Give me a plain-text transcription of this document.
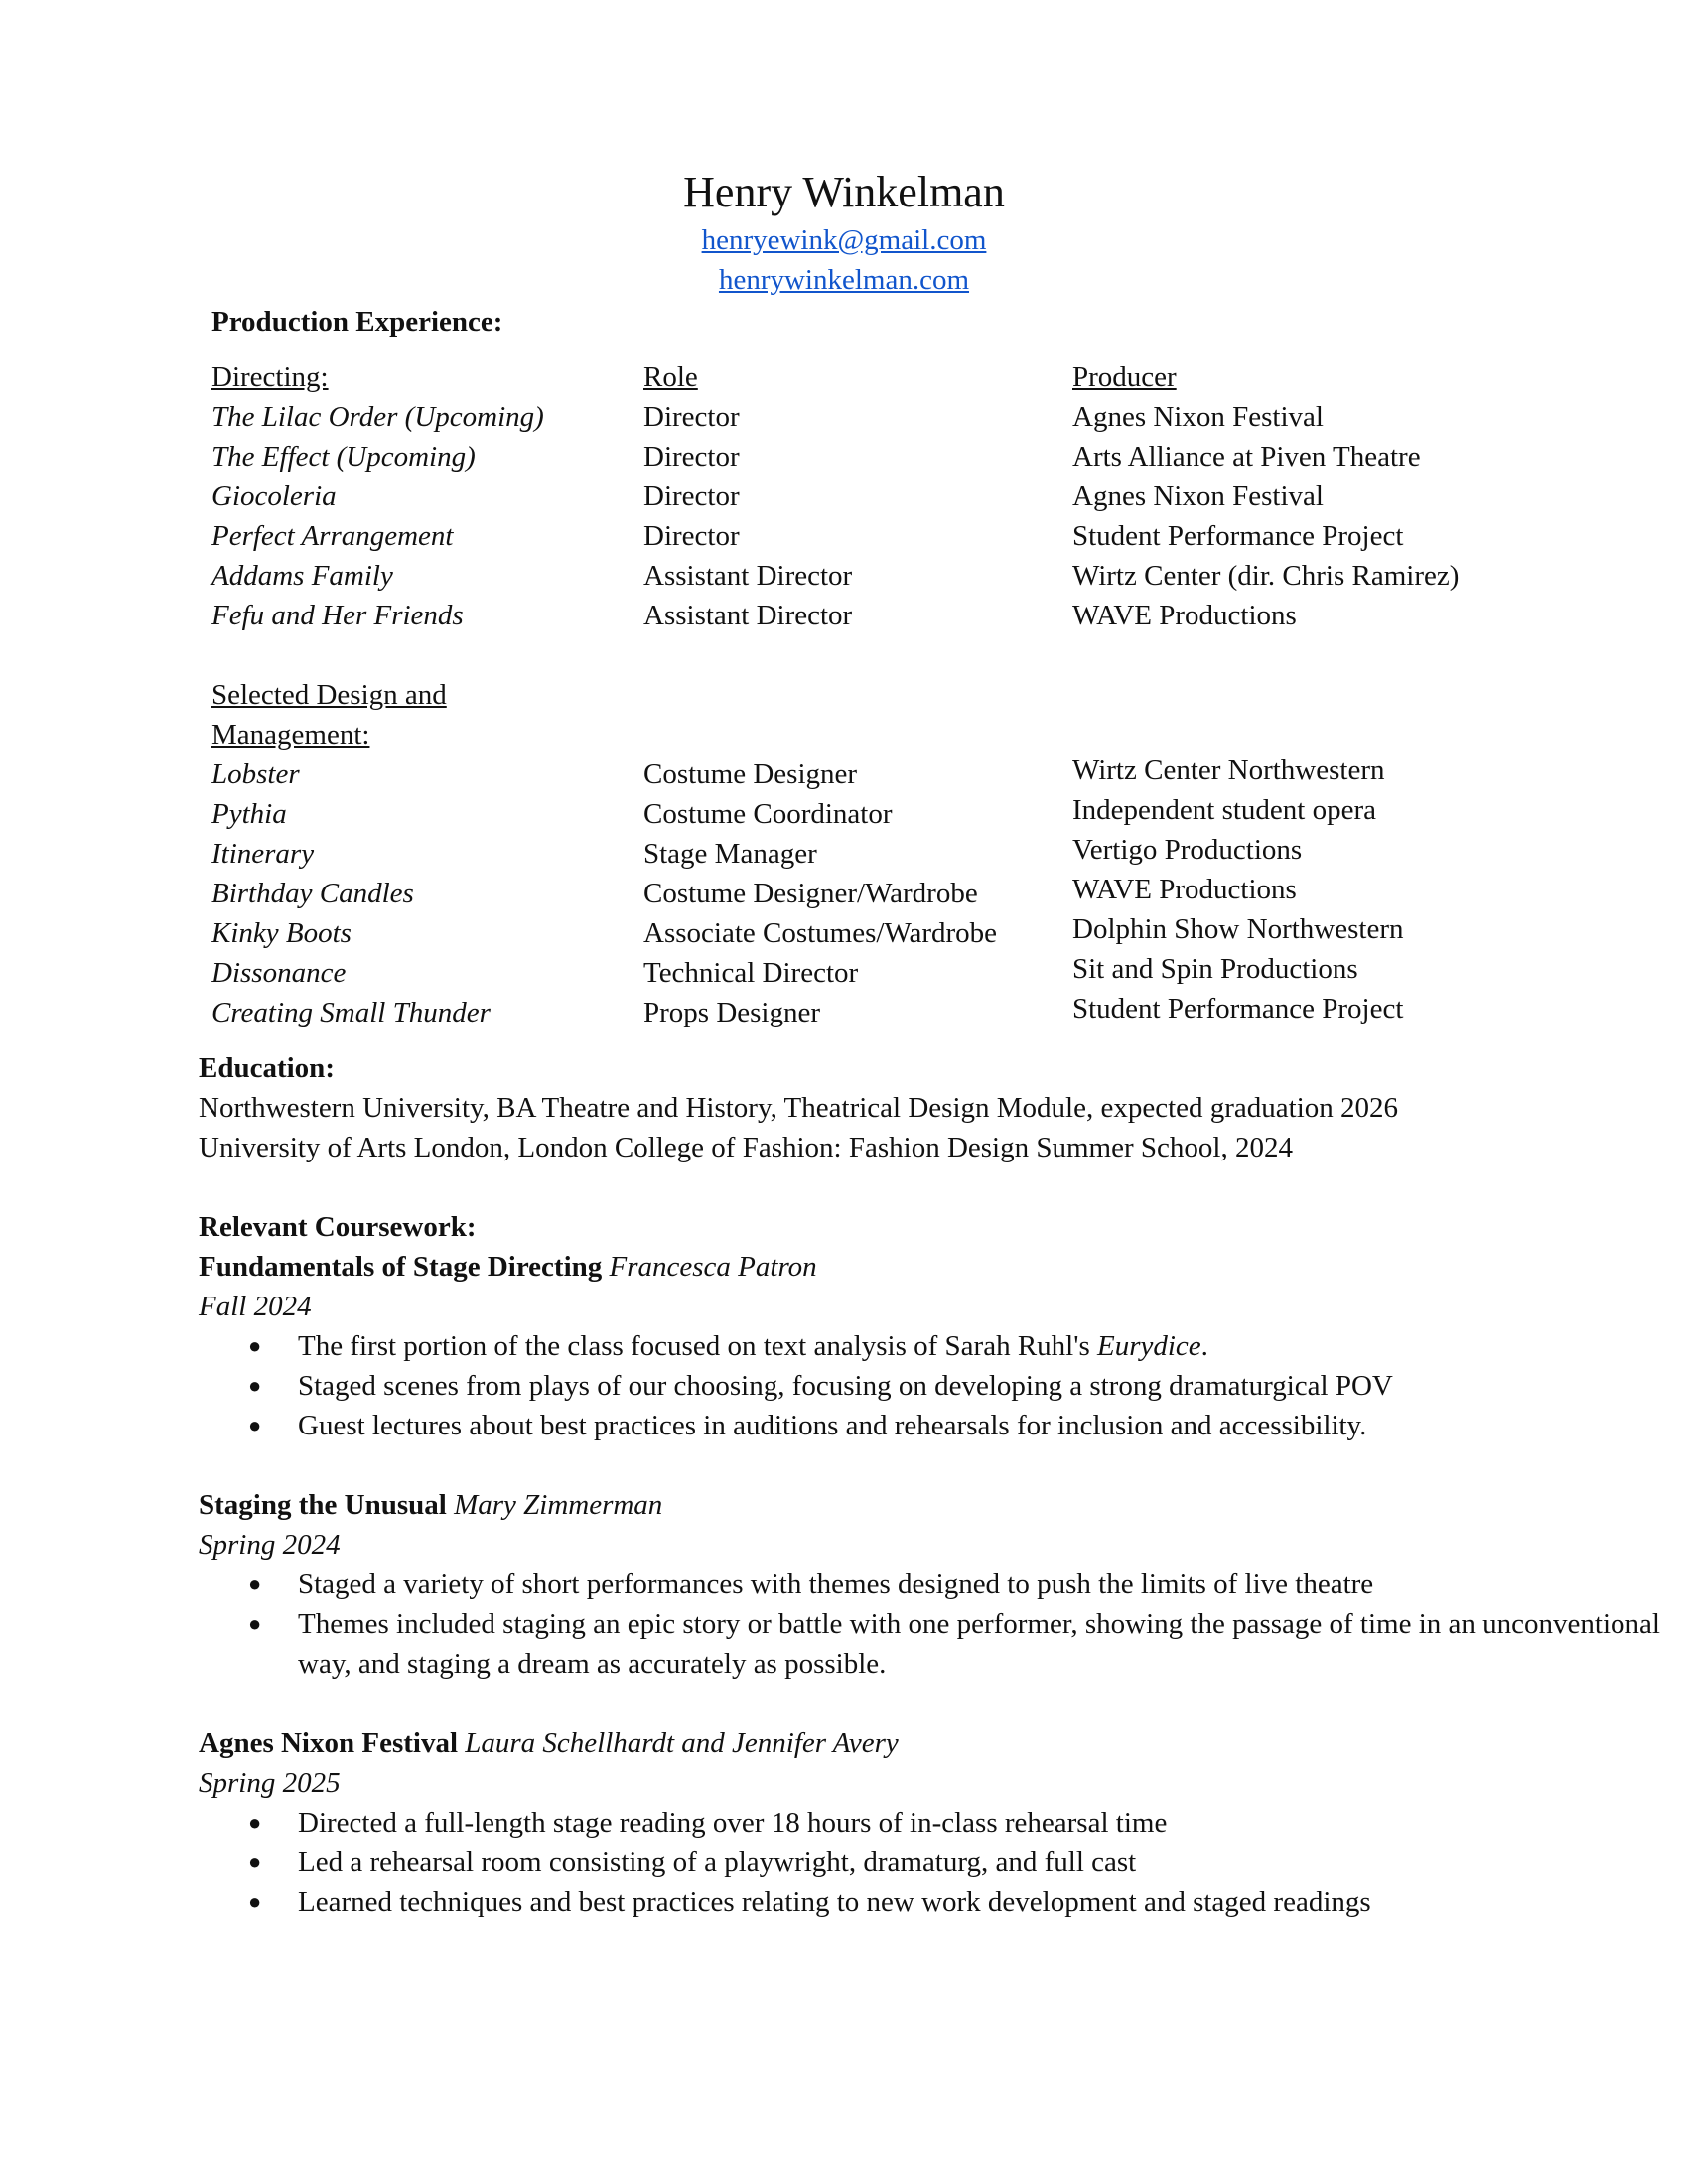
Henry Winkelman
henryewink@gmail.com
henrywinkelman.com
Production Experience:
Directing:	Role	Producer
The Lilac Order (Upcoming)	Director	Agnes Nixon Festival
The Effect (Upcoming)	Director	Arts Alliance at Piven Theatre
Giocoleria	Director	Agnes Nixon Festival
Perfect Arrangement	Director	Student Performance Project
Addams Family	Assistant Director	Wirtz Center (dir. Chris Ramirez)
Fefu and Her Friends	Assistant Director	WAVE Productions
Selected Design and
Management:
Lobster	Costume Designer	Wirtz Center Northwestern
Pythia	Costume Coordinator	Independent student opera
Itinerary	Stage Manager	Vertigo Productions
Birthday Candles	Costume Designer/Wardrobe	WAVE Productions
Kinky Boots	Associate Costumes/Wardrobe	Dolphin Show Northwestern
Dissonance	Technical Director	Sit and Spin Productions
Creating Small Thunder	Props Designer	Student Performance Project
Education:
Northwestern University, BA Theatre and History, Theatrical Design Module, expected graduation 2026
University of Arts London, London College of Fashion: Fashion Design Summer School, 2024
Relevant Coursework:
Fundamentals of Stage Directing Francesca Patron
Fall 2024
● The first portion of the class focused on text analysis of Sarah Ruhl's Eurydice.
● Staged scenes from plays of our choosing, focusing on developing a strong dramaturgical POV
● Guest lectures about best practices in auditions and rehearsals for inclusion and accessibility.
Staging the Unusual Mary Zimmerman
Spring 2024
● Staged a variety of short performances with themes designed to push the limits of live theatre
● Themes included staging an epic story or battle with one performer, showing the passage of time in an unconventional way, and staging a dream as accurately as possible.
Agnes Nixon Festival Laura Schellhardt and Jennifer Avery
Spring 2025
● Directed a full-length stage reading over 18 hours of in-class rehearsal time
● Led a rehearsal room consisting of a playwright, dramaturg, and full cast
● Learned techniques and best practices relating to new work development and staged readings
